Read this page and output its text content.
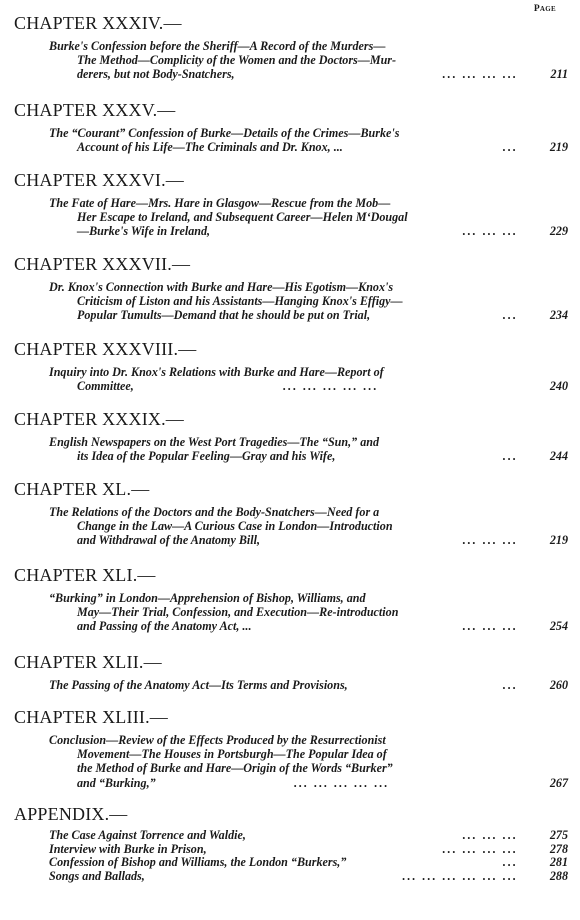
Page
CHAPTER XXXIV.—
Burke's Confession before the Sheriff—A Record of the Murders—
The Method—Complicity of the Women and the Doctors—Mur-
derers, but not Body-Snatchers,	... ... ... ...	211
CHAPTER XXXV.—
The “Courant” Confession of Burke—Details of the Crimes—Burke's
Account of his Life—The Criminals and Dr. Knox, ...	...	219
CHAPTER XXXVI.—
The Fate of Hare—Mrs. Hare in Glasgow—Rescue from the Mob—
Her Escape to Ireland, and Subsequent Career—Helen M‘Dougal
—Burke's Wife in Ireland,	... ... ...	229
CHAPTER XXXVII.—
Dr. Knox's Connection with Burke and Hare—His Egotism—Knox's
Criticism of Liston and his Assistants—Hanging Knox's Effigy—
Popular Tumults—Demand that he should be put on Trial,	...	234
CHAPTER XXXVIII.—
Inquiry into Dr. Knox's Relations with Burke and Hare—Report of
Committee,	... ... ... ... ...	240
CHAPTER XXXIX.—
English Newspapers on the West Port Tragedies—The “Sun,” and
its Idea of the Popular Feeling—Gray and his Wife,	...	244
CHAPTER XL.—
The Relations of the Doctors and the Body-Snatchers—Need for a
Change in the Law—A Curious Case in London—Introduction
and Withdrawal of the Anatomy Bill,	... ... ...	219
CHAPTER XLI.—
“Burking” in London—Apprehension of Bishop, Williams, and
May—Their Trial, Confession, and Execution—Re-introduction
and Passing of the Anatomy Act, ...	... ... ...	254
CHAPTER XLII.—
The Passing of the Anatomy Act—Its Terms and Provisions,	...	260
CHAPTER XLIII.—
Conclusion—Review of the Effects Produced by the Resurrectionist
Movement—The Houses in Portsburgh—The Popular Idea of
the Method of Burke and Hare—Origin of the Words “Burker”
and “Burking,”	... ... ... ... ...	267
APPENDIX.—
The Case Against Torrence and Waldie,	... ... ...	275
Interview with Burke in Prison,	... ... ... ...	278
Confession of Bishop and Williams, the London “Burkers,”	...	281
Songs and Ballads,	... ... ... ... ... ...	288
